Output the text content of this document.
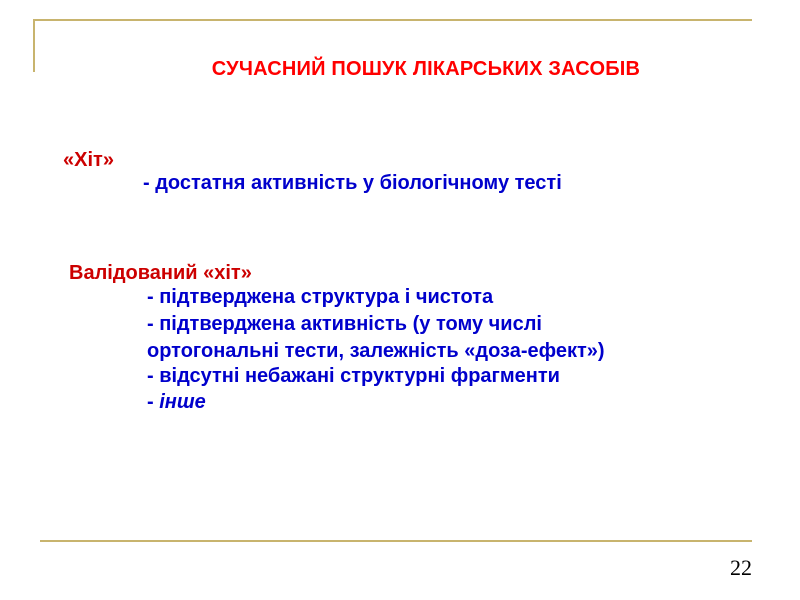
СУЧАСНИЙ ПОШУК ЛІКАРСЬКИХ ЗАСОБІВ
«Хіт»
- достатня активність у біологічному тесті
Валідований «хіт»
- підтверджена структура і чистота
- підтверджена активність (у тому числі
ортогональні тести, залежність «доза-ефект»)
- відсутні небажані структурні фрагменти
- інше
22
